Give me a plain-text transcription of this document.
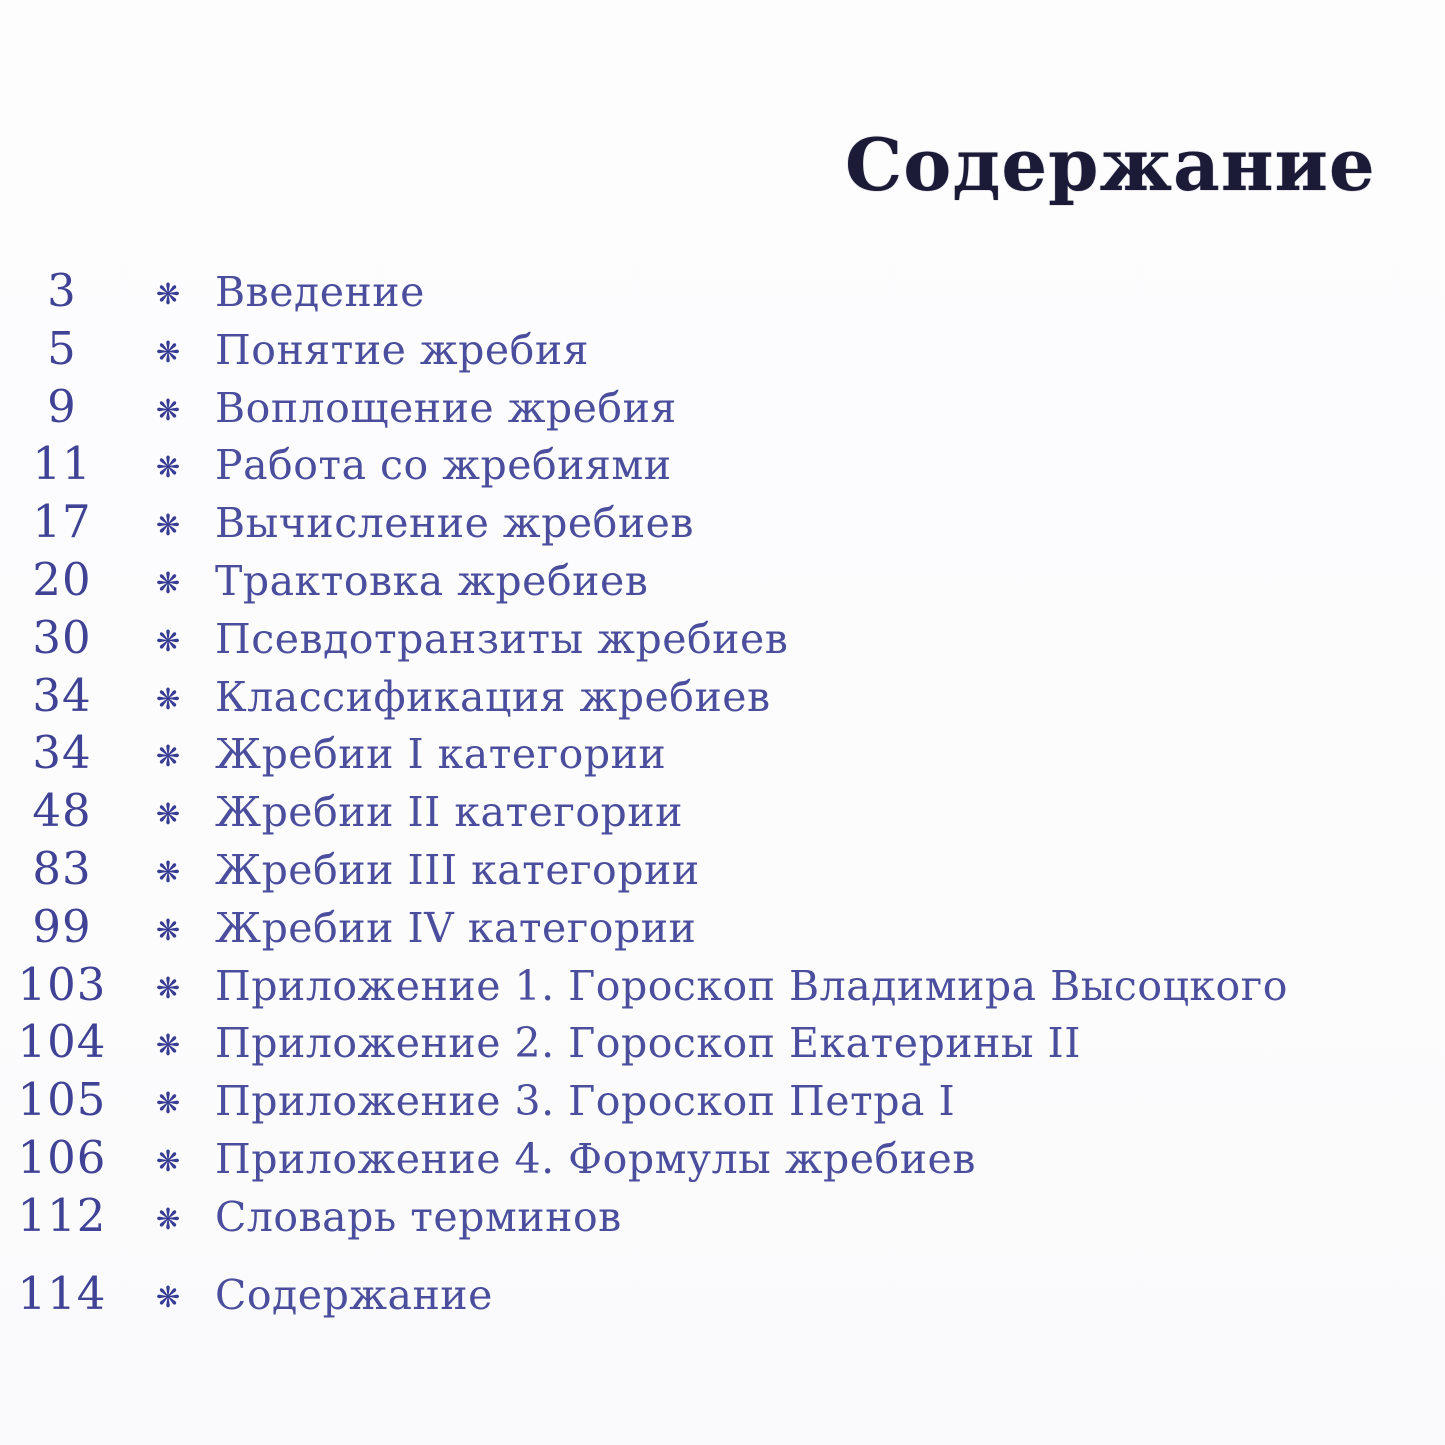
Содержание
3	❋ Введение
5	❋ Понятие жребия
9	❋ Воплощение жребия
11	❋ Работа со жребиями
17	❋ Вычисление жребиев
20	❋ Трактовка жребиев
30	❋ Псевдотранзиты жребиев
34	❋ Классификация жребиев
34	❋ Жребии I категории
48	❋ Жребии II категории
83	❋ Жребии III категории
99	❋ Жребии IV категории
103	❋ Приложение 1. Гороскоп Владимира Высоцкого
104	❋ Приложение 2. Гороскоп Екатерины II
105	❋ Приложение 3. Гороскоп Петра I
106	❋ Приложение 4. Формулы жребиев
112	❋ Словарь терминов
114	❋ Содержание
